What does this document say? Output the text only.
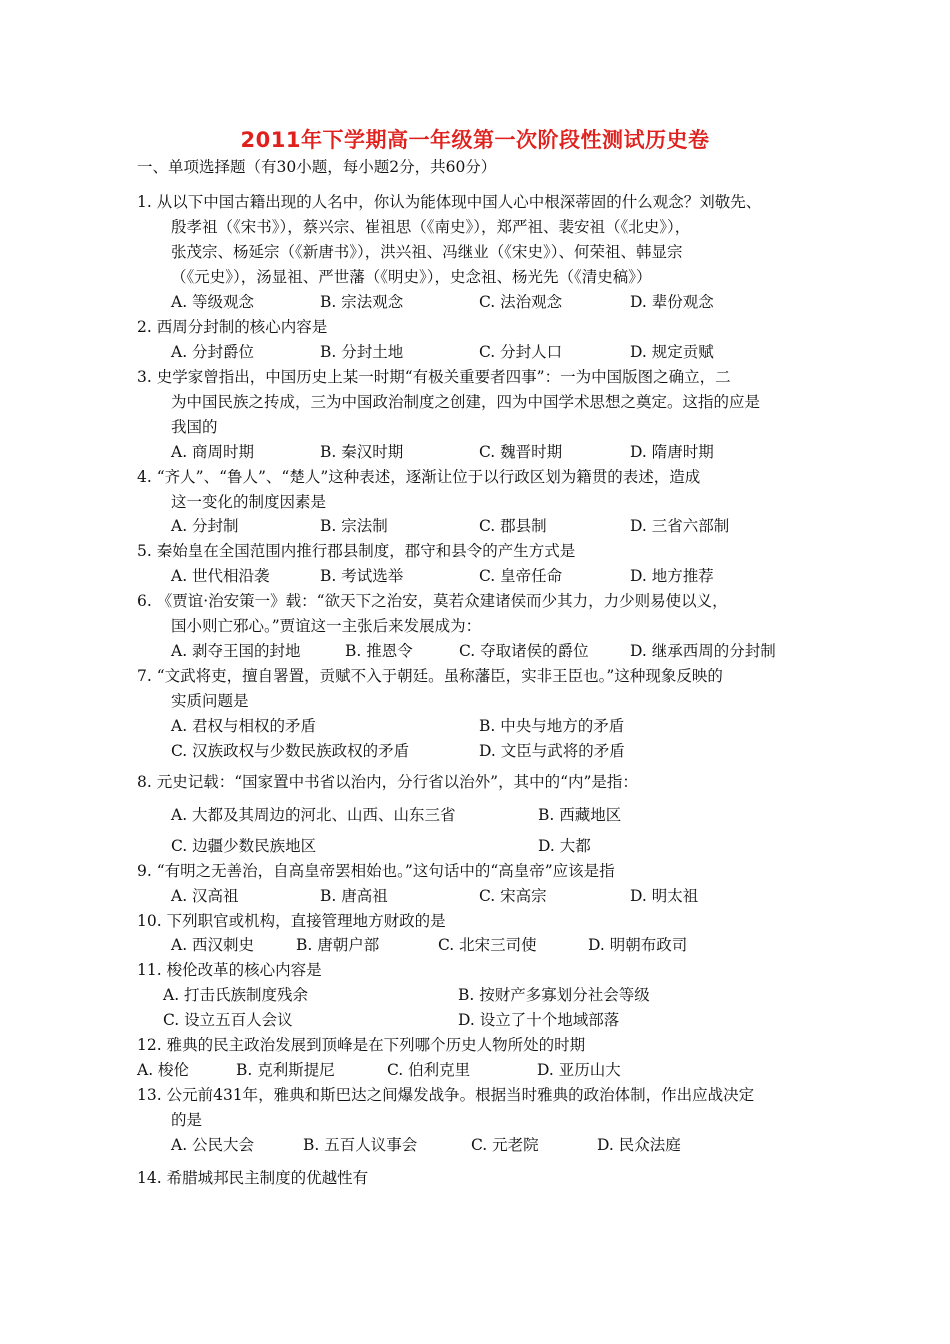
2011年下学期高一年级第一次阶段性测试历史卷
一、单项选择题（有30小题，每小题2分，共60分）
1. 从以下中国古籍出现的人名中，你认为能体现中国人心中根深蒂固的什么观念？刘敬先、
殷孝祖（《宋书》），蔡兴宗、崔祖思（《南史》），郑严祖、裴安祖（《北史》），
张茂宗、杨延宗（《新唐书》），洪兴祖、冯继业（《宋史》）、何荣祖、韩显宗
（《元史》），汤显祖、严世藩（《明史》），史念祖、杨光先（《清史稿》）
A. 等级观念	B. 宗法观念	C. 法治观念	D. 辈份观念
2. 西周分封制的核心内容是
A. 分封爵位	B. 分封土地	C. 分封人口	D. 规定贡赋
3. 史学家曾指出，中国历史上某一时期“有极关重要者四事”：一为中国版图之确立，二
为中国民族之抟成，三为中国政治制度之创建，四为中国学术思想之奠定。这指的应是
我国的
A. 商周时期	B. 秦汉时期	C. 魏晋时期	D. 隋唐时期
4. “齐人”、“鲁人”、“楚人”这种表述，逐渐让位于以行政区划为籍贯的表述，造成
这一变化的制度因素是
A. 分封制	B. 宗法制	C. 郡县制	D. 三省六部制
5. 秦始皇在全国范围内推行郡县制度，郡守和县令的产生方式是
A. 世代相沿袭	B. 考试选举	C. 皇帝任命	D. 地方推荐
6. 《贾谊·治安策一》载：“欲天下之治安，莫若众建诸侯而少其力，力少则易使以义，
国小则亡邪心。”贾谊这一主张后来发展成为：
A. 剥夺王国的封地	B. 推恩令	C. 夺取诸侯的爵位	D. 继承西周的分封制
7. “文武将吏，擅自署置，贡赋不入于朝廷。虽称藩臣，实非王臣也。”这种现象反映的
实质问题是
A. 君权与相权的矛盾	B. 中央与地方的矛盾
C. 汉族政权与少数民族政权的矛盾	D. 文臣与武将的矛盾
8. 元史记载：“国家置中书省以治内，分行省以治外”，其中的“内”是指：
A. 大都及其周边的河北、山西、山东三省	B. 西藏地区
C. 边疆少数民族地区	D. 大都
9. “有明之无善治，自高皇帝罢相始也。”这句话中的“高皇帝”应该是指
A. 汉高祖	B. 唐高祖	C. 宋高宗	D. 明太祖
10. 下列职官或机构，直接管理地方财政的是
A. 西汉刺史	B. 唐朝户部	C. 北宋三司使	D. 明朝布政司
11. 梭伦改革的核心内容是
A. 打击氏族制度残余	B. 按财产多寡划分社会等级
C. 设立五百人会议	D. 设立了十个地域部落
12. 雅典的民主政治发展到顶峰是在下列哪个历史人物所处的时期
A. 梭伦	B. 克利斯提尼	C. 伯利克里	D. 亚历山大
13. 公元前431年，雅典和斯巴达之间爆发战争。根据当时雅典的政治体制，作出应战决定
的是
A. 公民大会	B. 五百人议事会	C. 元老院	D. 民众法庭
14. 希腊城邦民主制度的优越性有
